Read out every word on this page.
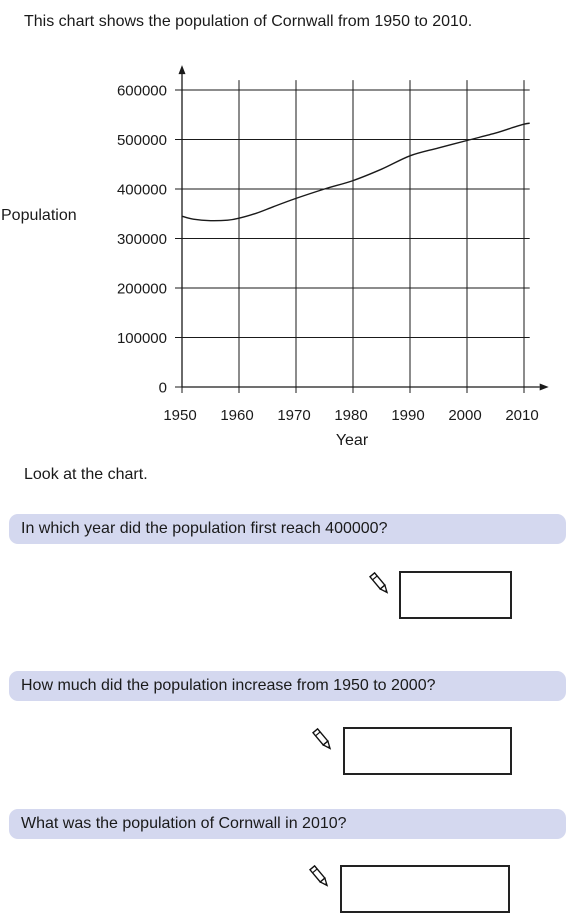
This chart shows the population of Cornwall from 1950 to 2010.
0
100000
200000
300000
400000
500000
600000
1950 1960 1970 1980 1990 2000 2010
Population
Year
Look at the chart.
In which year did the population first reach 400000?
How much did the population increase from 1950 to 2000?
What was the population of Cornwall in 2010?
